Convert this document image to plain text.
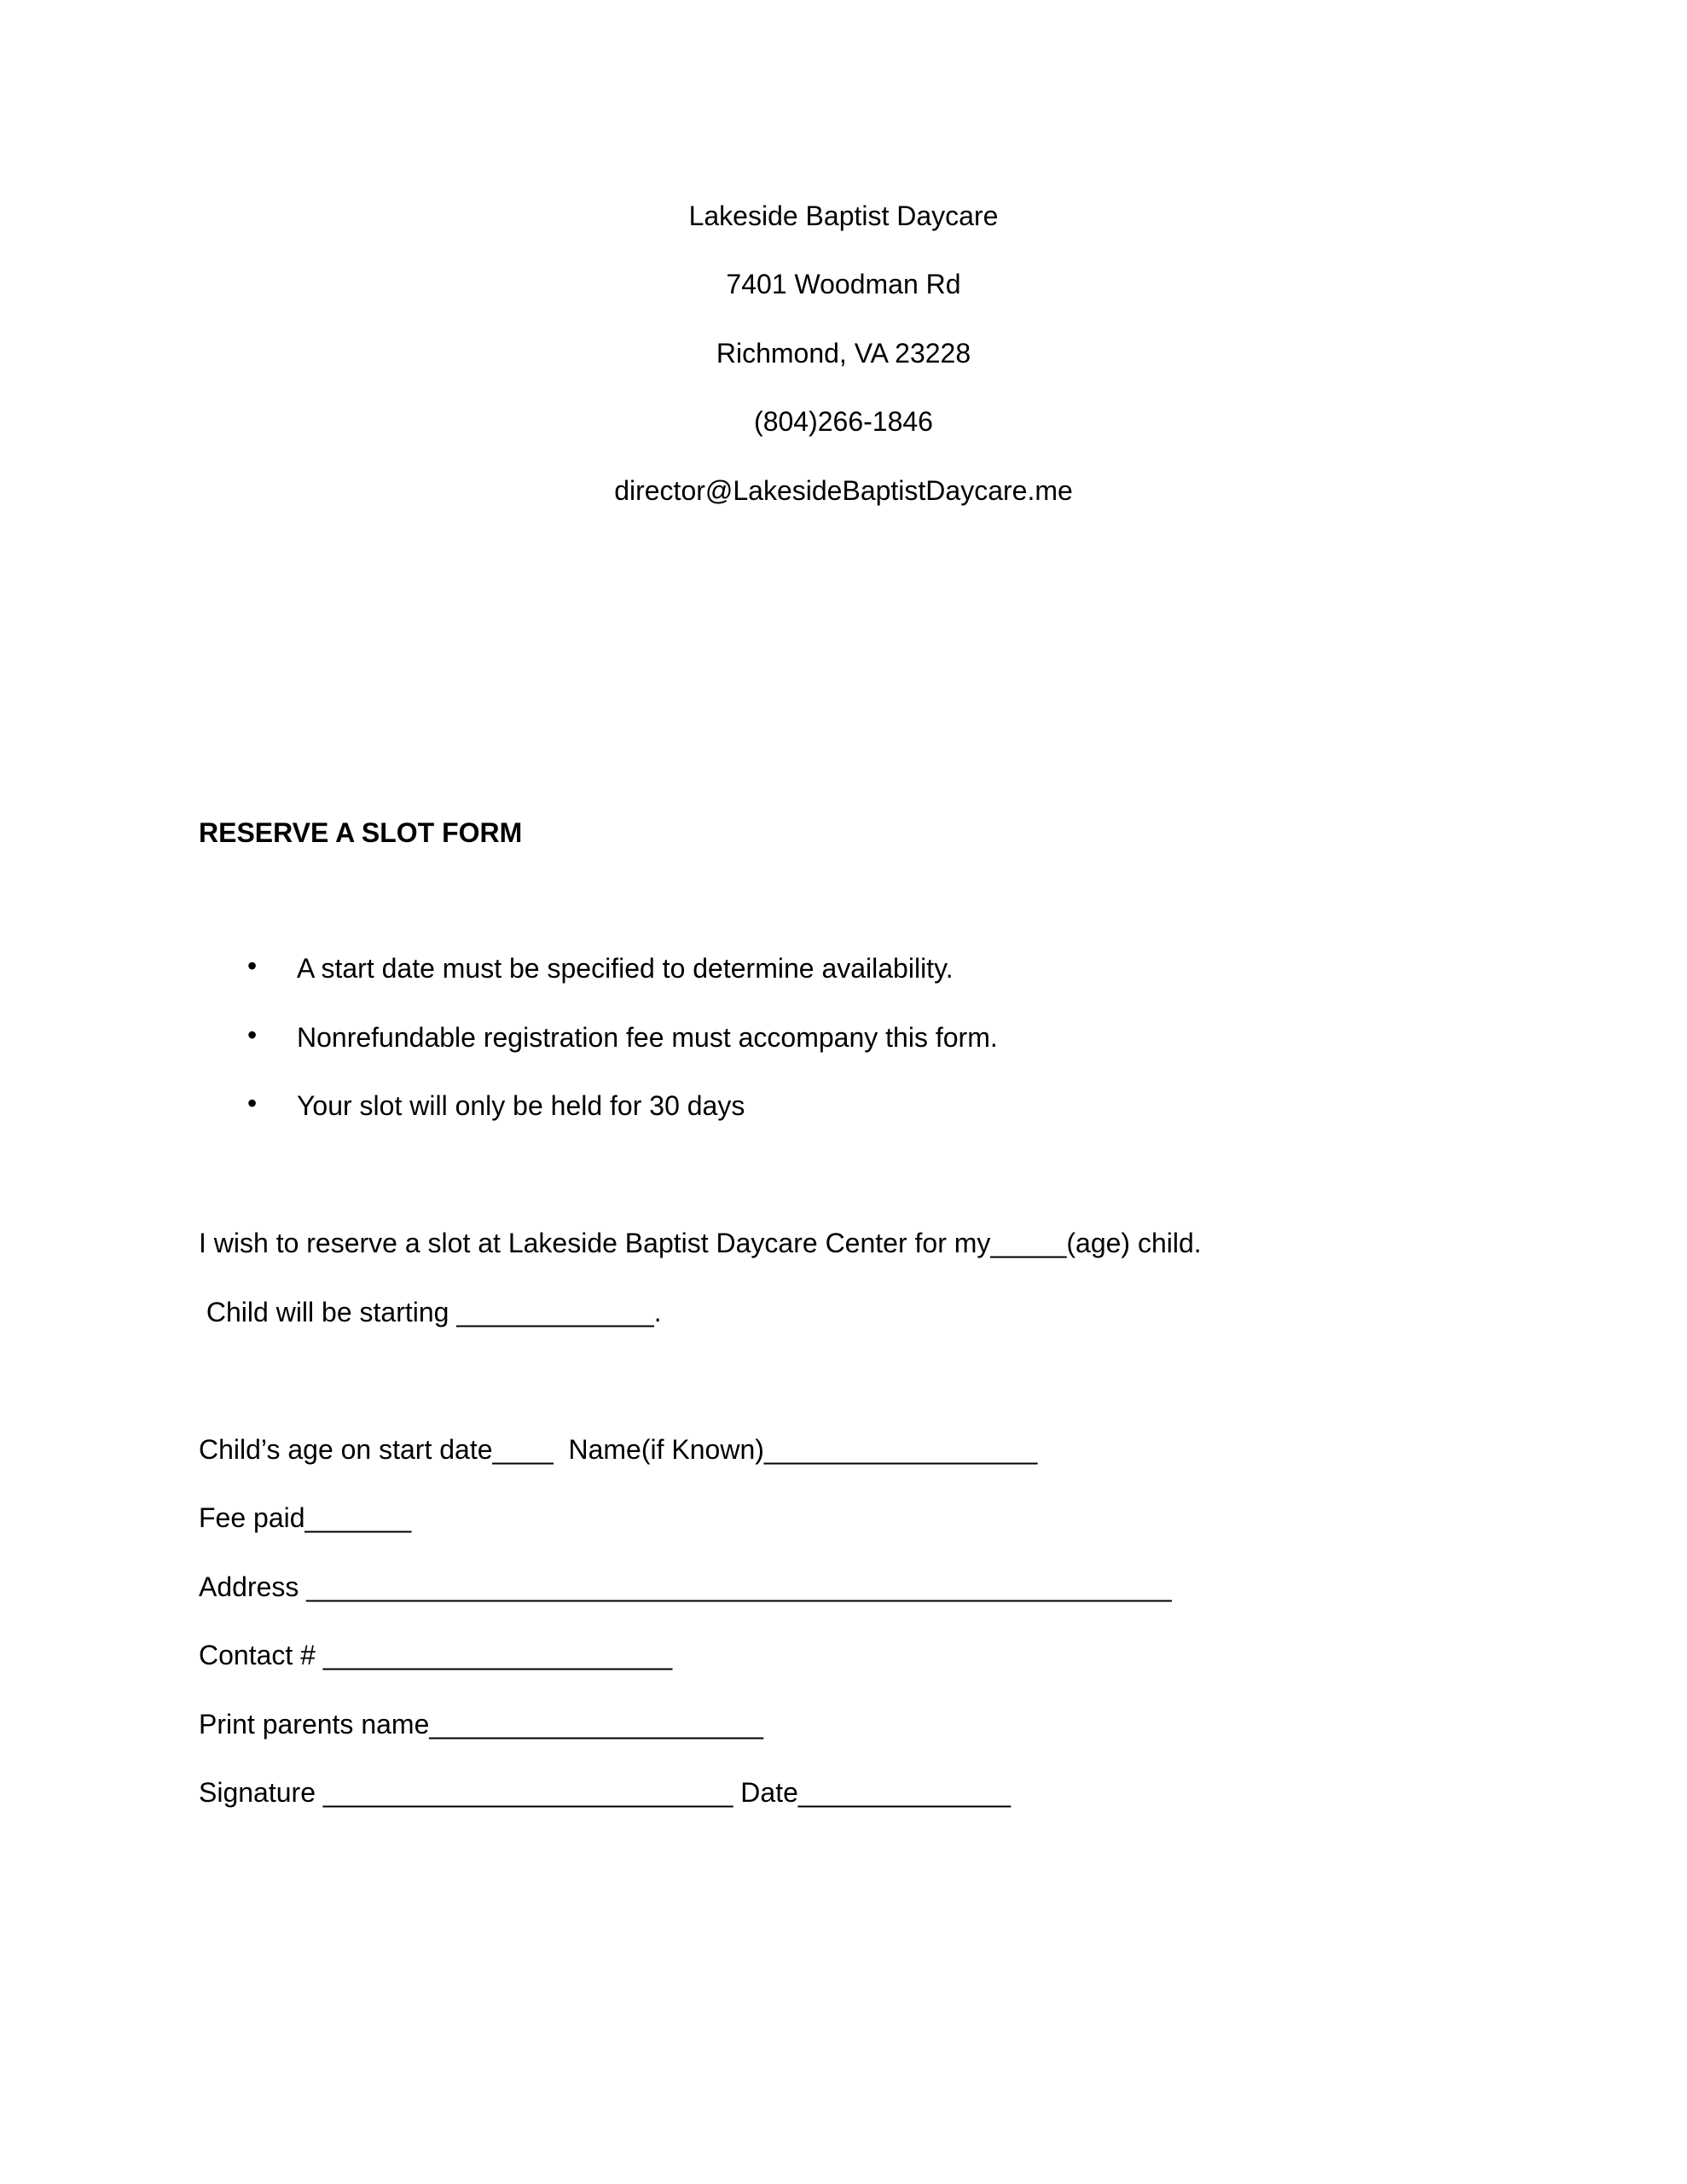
Lakeside Baptist Daycare
7401 Woodman Rd
Richmond, VA 23228
(804)266-1846
director@LakesideBaptistDaycare.me
RESERVE A SLOT FORM
• A start date must be specified to determine availability.
• Nonrefundable registration fee must accompany this form.
• Your slot will only be held for 30 days
I wish to reserve a slot at Lakeside Baptist Daycare Center for my_____(age) child.
Child will be starting _____________.
Child’s age on start date____  Name(if Known)__________________
Fee paid_______
Address _________________________________________________________
Contact # _______________________
Print parents name______________________
Signature ___________________________ Date______________
